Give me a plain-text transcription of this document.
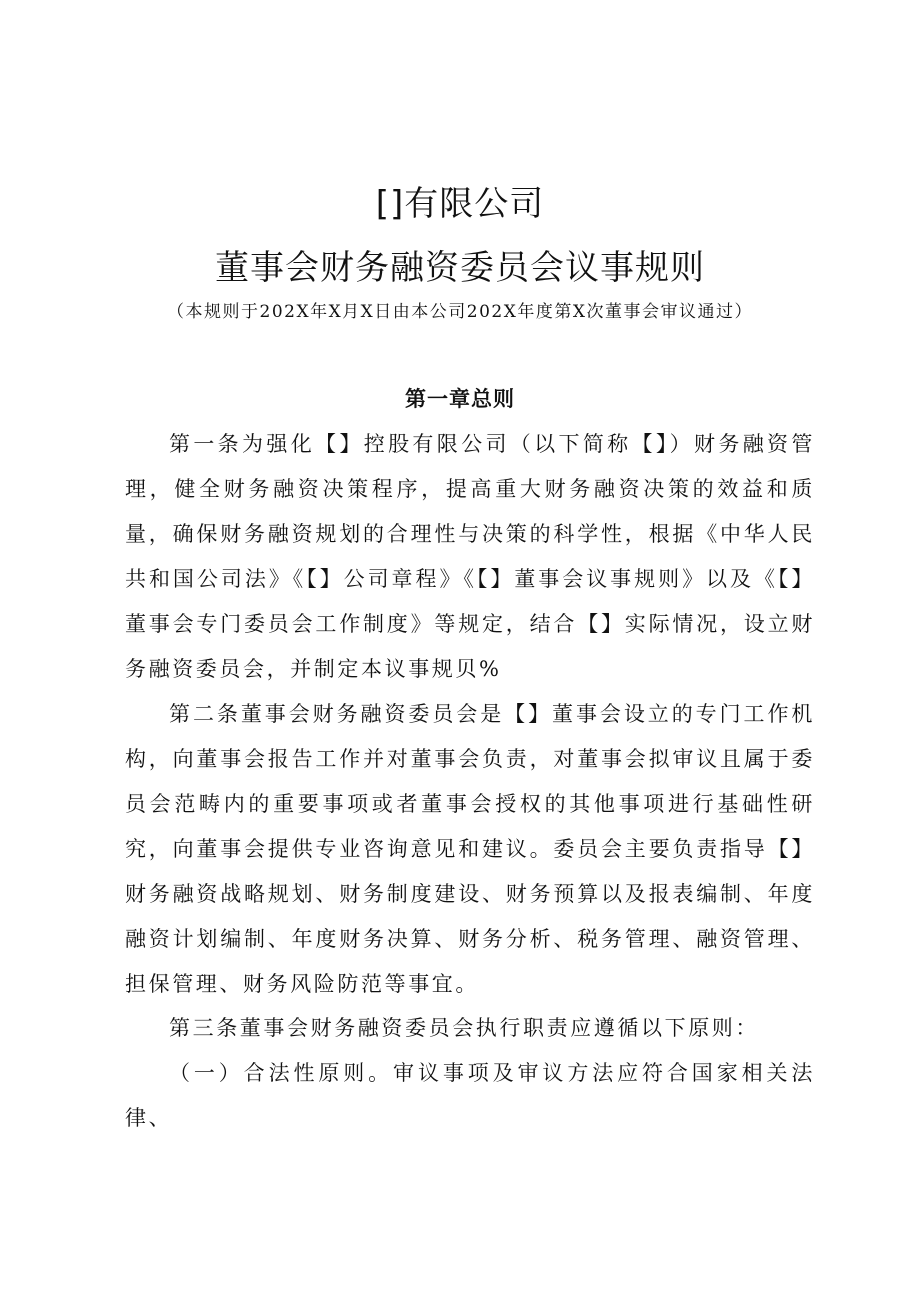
[]有限公司
董事会财务融资委员会议事规则
（本规则于202X年X月X日由本公司202X年度第X次董事会审议通过）
第一章总则

第一条为强化【】控股有限公司（以下简称【】）财务融资管理，健全财务融资决策程序，提高重大财务融资决策的效益和质量，确保财务融资规划的合理性与决策的科学性，根据《中华人民共和国公司法》《【】公司章程》《【】董事会议事规则》以及《【】董事会专门委员会工作制度》等规定，结合【】实际情况，设立财务融资委员会，并制定本议事规贝%

第二条董事会财务融资委员会是【】董事会设立的专门工作机构，向董事会报告工作并对董事会负责，对董事会拟审议且属于委员会范畴内的重要事项或者董事会授权的其他事项进行基础性研究，向董事会提供专业咨询意见和建议。委员会主要负责指导【】财务融资战略规划、财务制度建设、财务预算以及报表编制、年度融资计划编制、年度财务决算、财务分析、税务管理、融资管理、担保管理、财务风险防范等事宜。

第三条董事会财务融资委员会执行职责应遵循以下原则：

（一）合法性原则。审议事项及审议方法应符合国家相关法律、
